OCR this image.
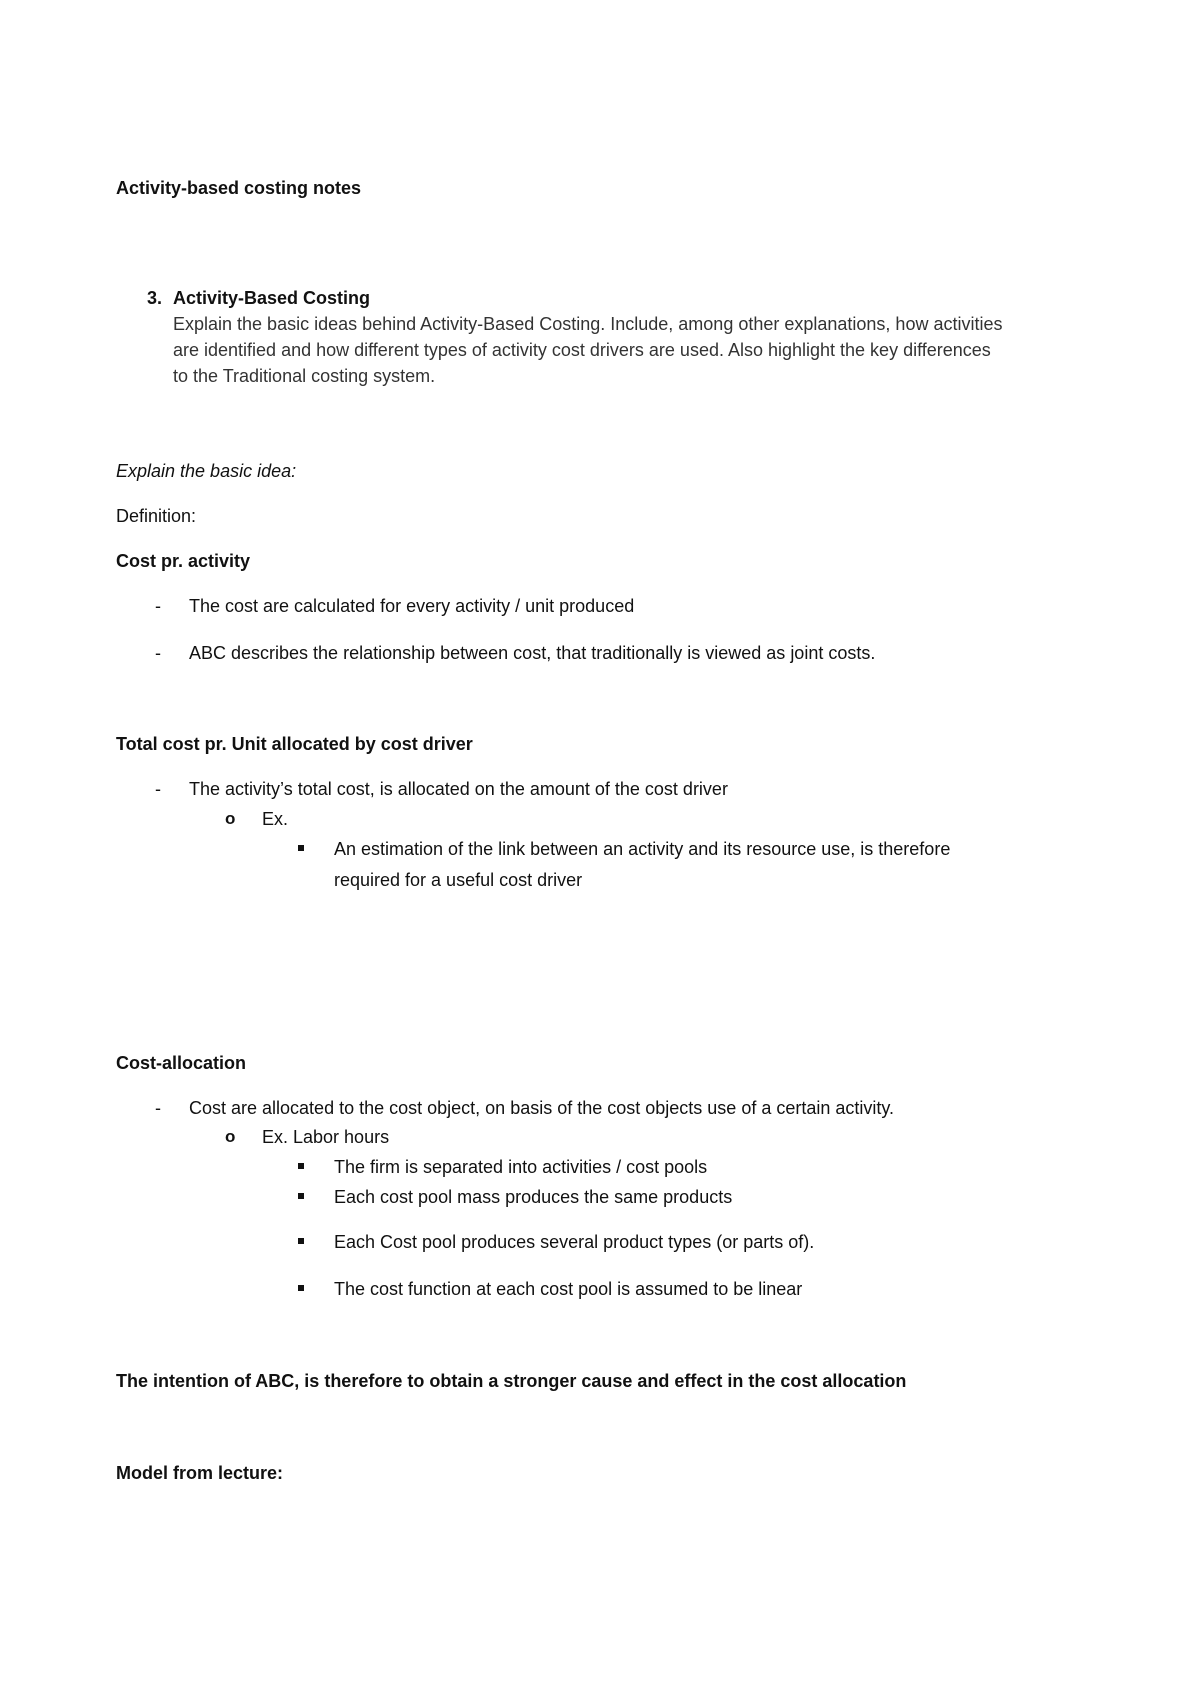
Activity-based costing notes
3. Activity-Based Costing
Explain the basic ideas behind Activity-Based Costing. Include, among other explanations, how activities
are identified and how different types of activity cost drivers are used. Also highlight the key differences
to the Traditional costing system.
Explain the basic idea:
Definition:
Cost pr. activity
- The cost are calculated for every activity / unit produced
- ABC describes the relationship between cost, that traditionally is viewed as joint costs.
Total cost pr. Unit allocated by cost driver
- The activity’s total cost, is allocated on the amount of the cost driver
o Ex.
An estimation of the link between an activity and its resource use, is therefore
required for a useful cost driver
Cost-allocation
- Cost are allocated to the cost object, on basis of the cost objects use of a certain activity.
o Ex. Labor hours
The firm is separated into activities / cost pools
Each cost pool mass produces the same products
Each Cost pool produces several product types (or parts of).
The cost function at each cost pool is assumed to be linear
The intention of ABC, is therefore to obtain a stronger cause and effect in the cost allocation
Model from lecture:
